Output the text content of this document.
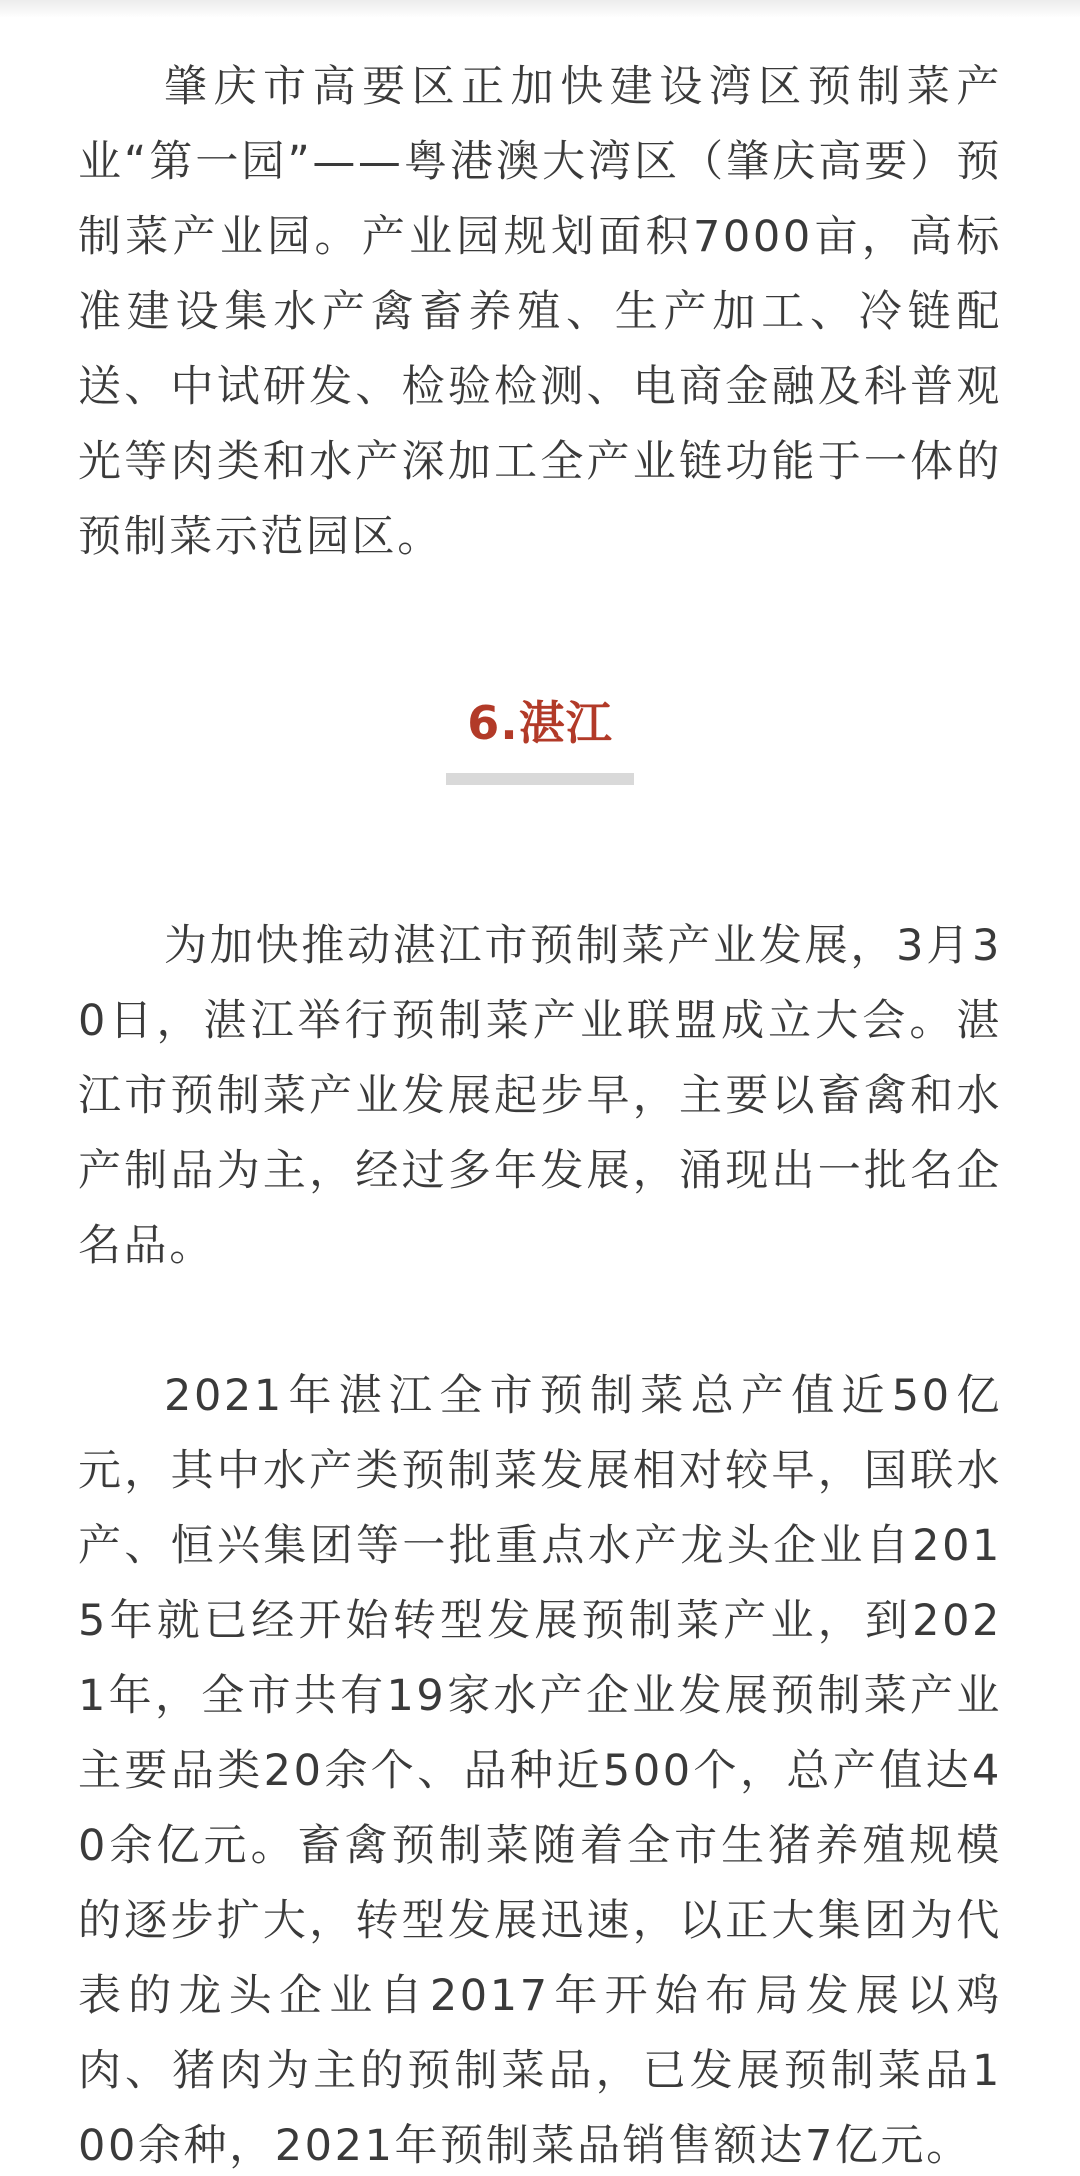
肇庆市高要区正加快建设湾区预制菜产业“第一园”——粤港澳大湾区（肇庆高要）预制菜产业园。产业园规划面积7000亩，高标准建设集水产禽畜养殖、生产加工、冷链配送、中试研发、检验检测、电商金融及科普观光等肉类和水产深加工全产业链功能于一体的预制菜示范园区。

6.湛江

为加快推动湛江市预制菜产业发展，3月30日，湛江举行预制菜产业联盟成立大会。湛江市预制菜产业发展起步早，主要以畜禽和水产制品为主，经过多年发展，涌现出一批名企名品。

2021年湛江全市预制菜总产值近50亿元，其中水产类预制菜发展相对较早，国联水产、恒兴集团等一批重点水产龙头企业自2015年就已经开始转型发展预制菜产业，到2021年，全市共有19家水产企业发展预制菜产业主要品类20余个、品种近500个，总产值达40余亿元。畜禽预制菜随着全市生猪养殖规模的逐步扩大，转型发展迅速，以正大集团为代表的龙头企业自2017年开始布局发展以鸡肉、猪肉为主的预制菜品，已发展预制菜品100余种，2021年预制菜品销售额达7亿元。
